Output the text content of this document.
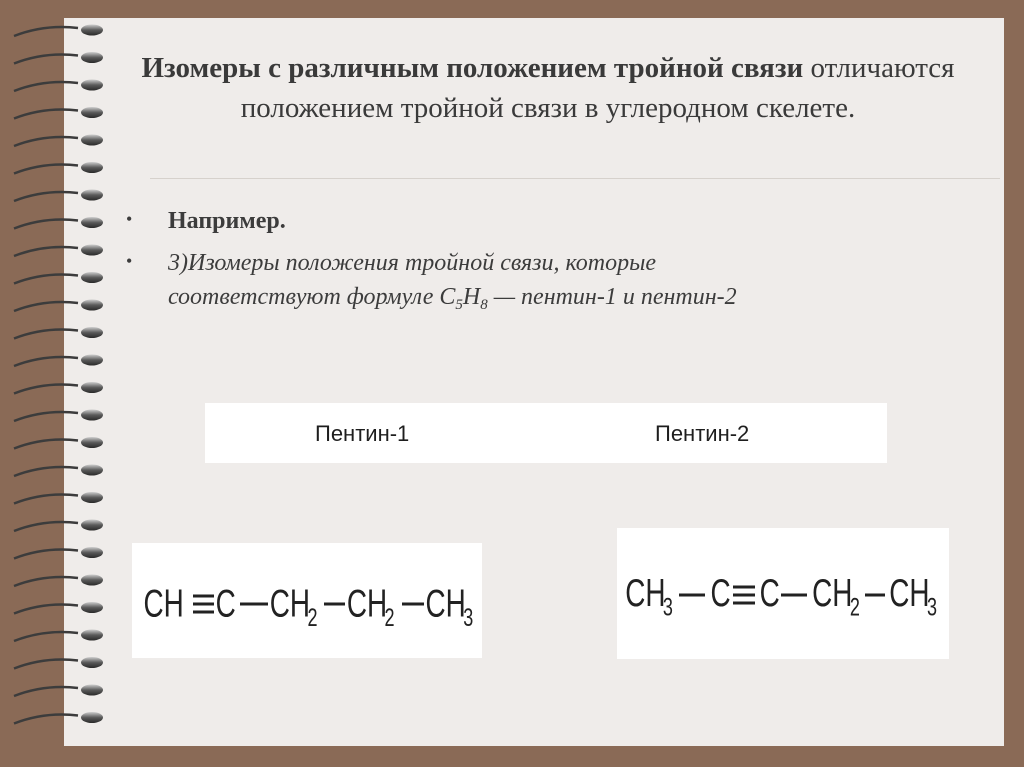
Изомеры с различным положением тройной связи отличаются положением тройной связи в углеродном скелете.
•	Например.
•	3)Изомеры положения тройной связи, которые
соответствуют формуле $С_5Н_8$ — пентин-1 и пентин-2
Пентин-1	Пентин-2
CH C CH
2 CH
2 CH
3
CH
3 C C CH
2 CH
3
